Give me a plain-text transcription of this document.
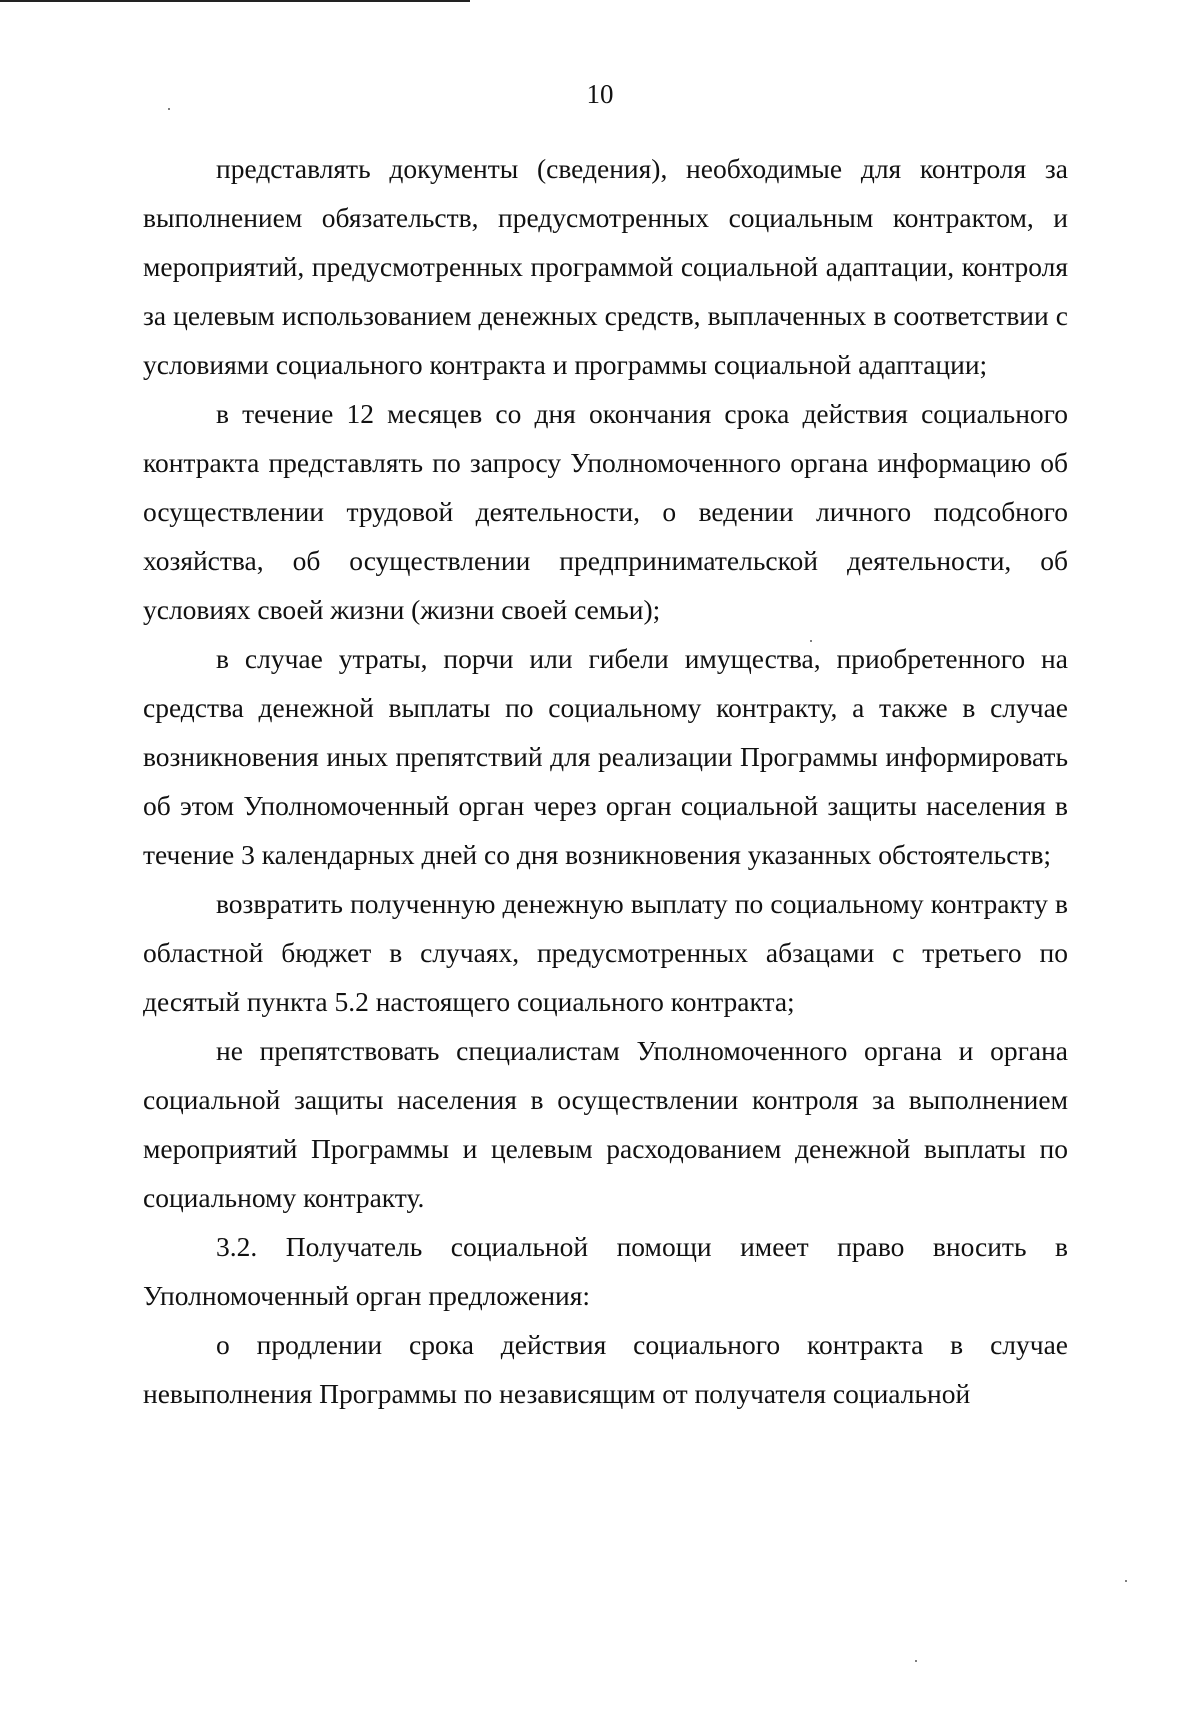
10

представлять документы (сведения), необходимые для контроля за выполнением обязательств, предусмотренных социальным контрактом, и мероприятий, предусмотренных программой социальной адаптации, контроля за целевым использованием денежных средств, выплаченных в соответствии с условиями социального контракта и программы социальной адаптации;

в течение 12 месяцев со дня окончания срока действия социального контракта представлять по запросу Уполномоченного органа информацию об осуществлении трудовой деятельности, о ведении личного подсобного хозяйства, об осуществлении предпринимательской деятельности, об условиях своей жизни (жизни своей семьи);

в случае утраты, порчи или гибели имущества, приобретенного на средства денежной выплаты по социальному контракту, а также в случае возникновения иных препятствий для реализации Программы информировать об этом Уполномоченный орган через орган социальной защиты населения в течение 3 календарных дней со дня возникновения указанных обстоятельств;

возвратить полученную денежную выплату по социальному контракту в областной бюджет в случаях, предусмотренных абзацами с третьего по десятый пункта 5.2 настоящего социального контракта;

не препятствовать специалистам Уполномоченного органа и органа социальной защиты населения в осуществлении контроля за выполнением мероприятий Программы и целевым расходованием денежной выплаты по социальному контракту.

3.2. Получатель социальной помощи имеет право вносить в Уполномоченный орган предложения:

о продлении срока действия социального контракта в случае невыполнения Программы по независящим от получателя социальной
